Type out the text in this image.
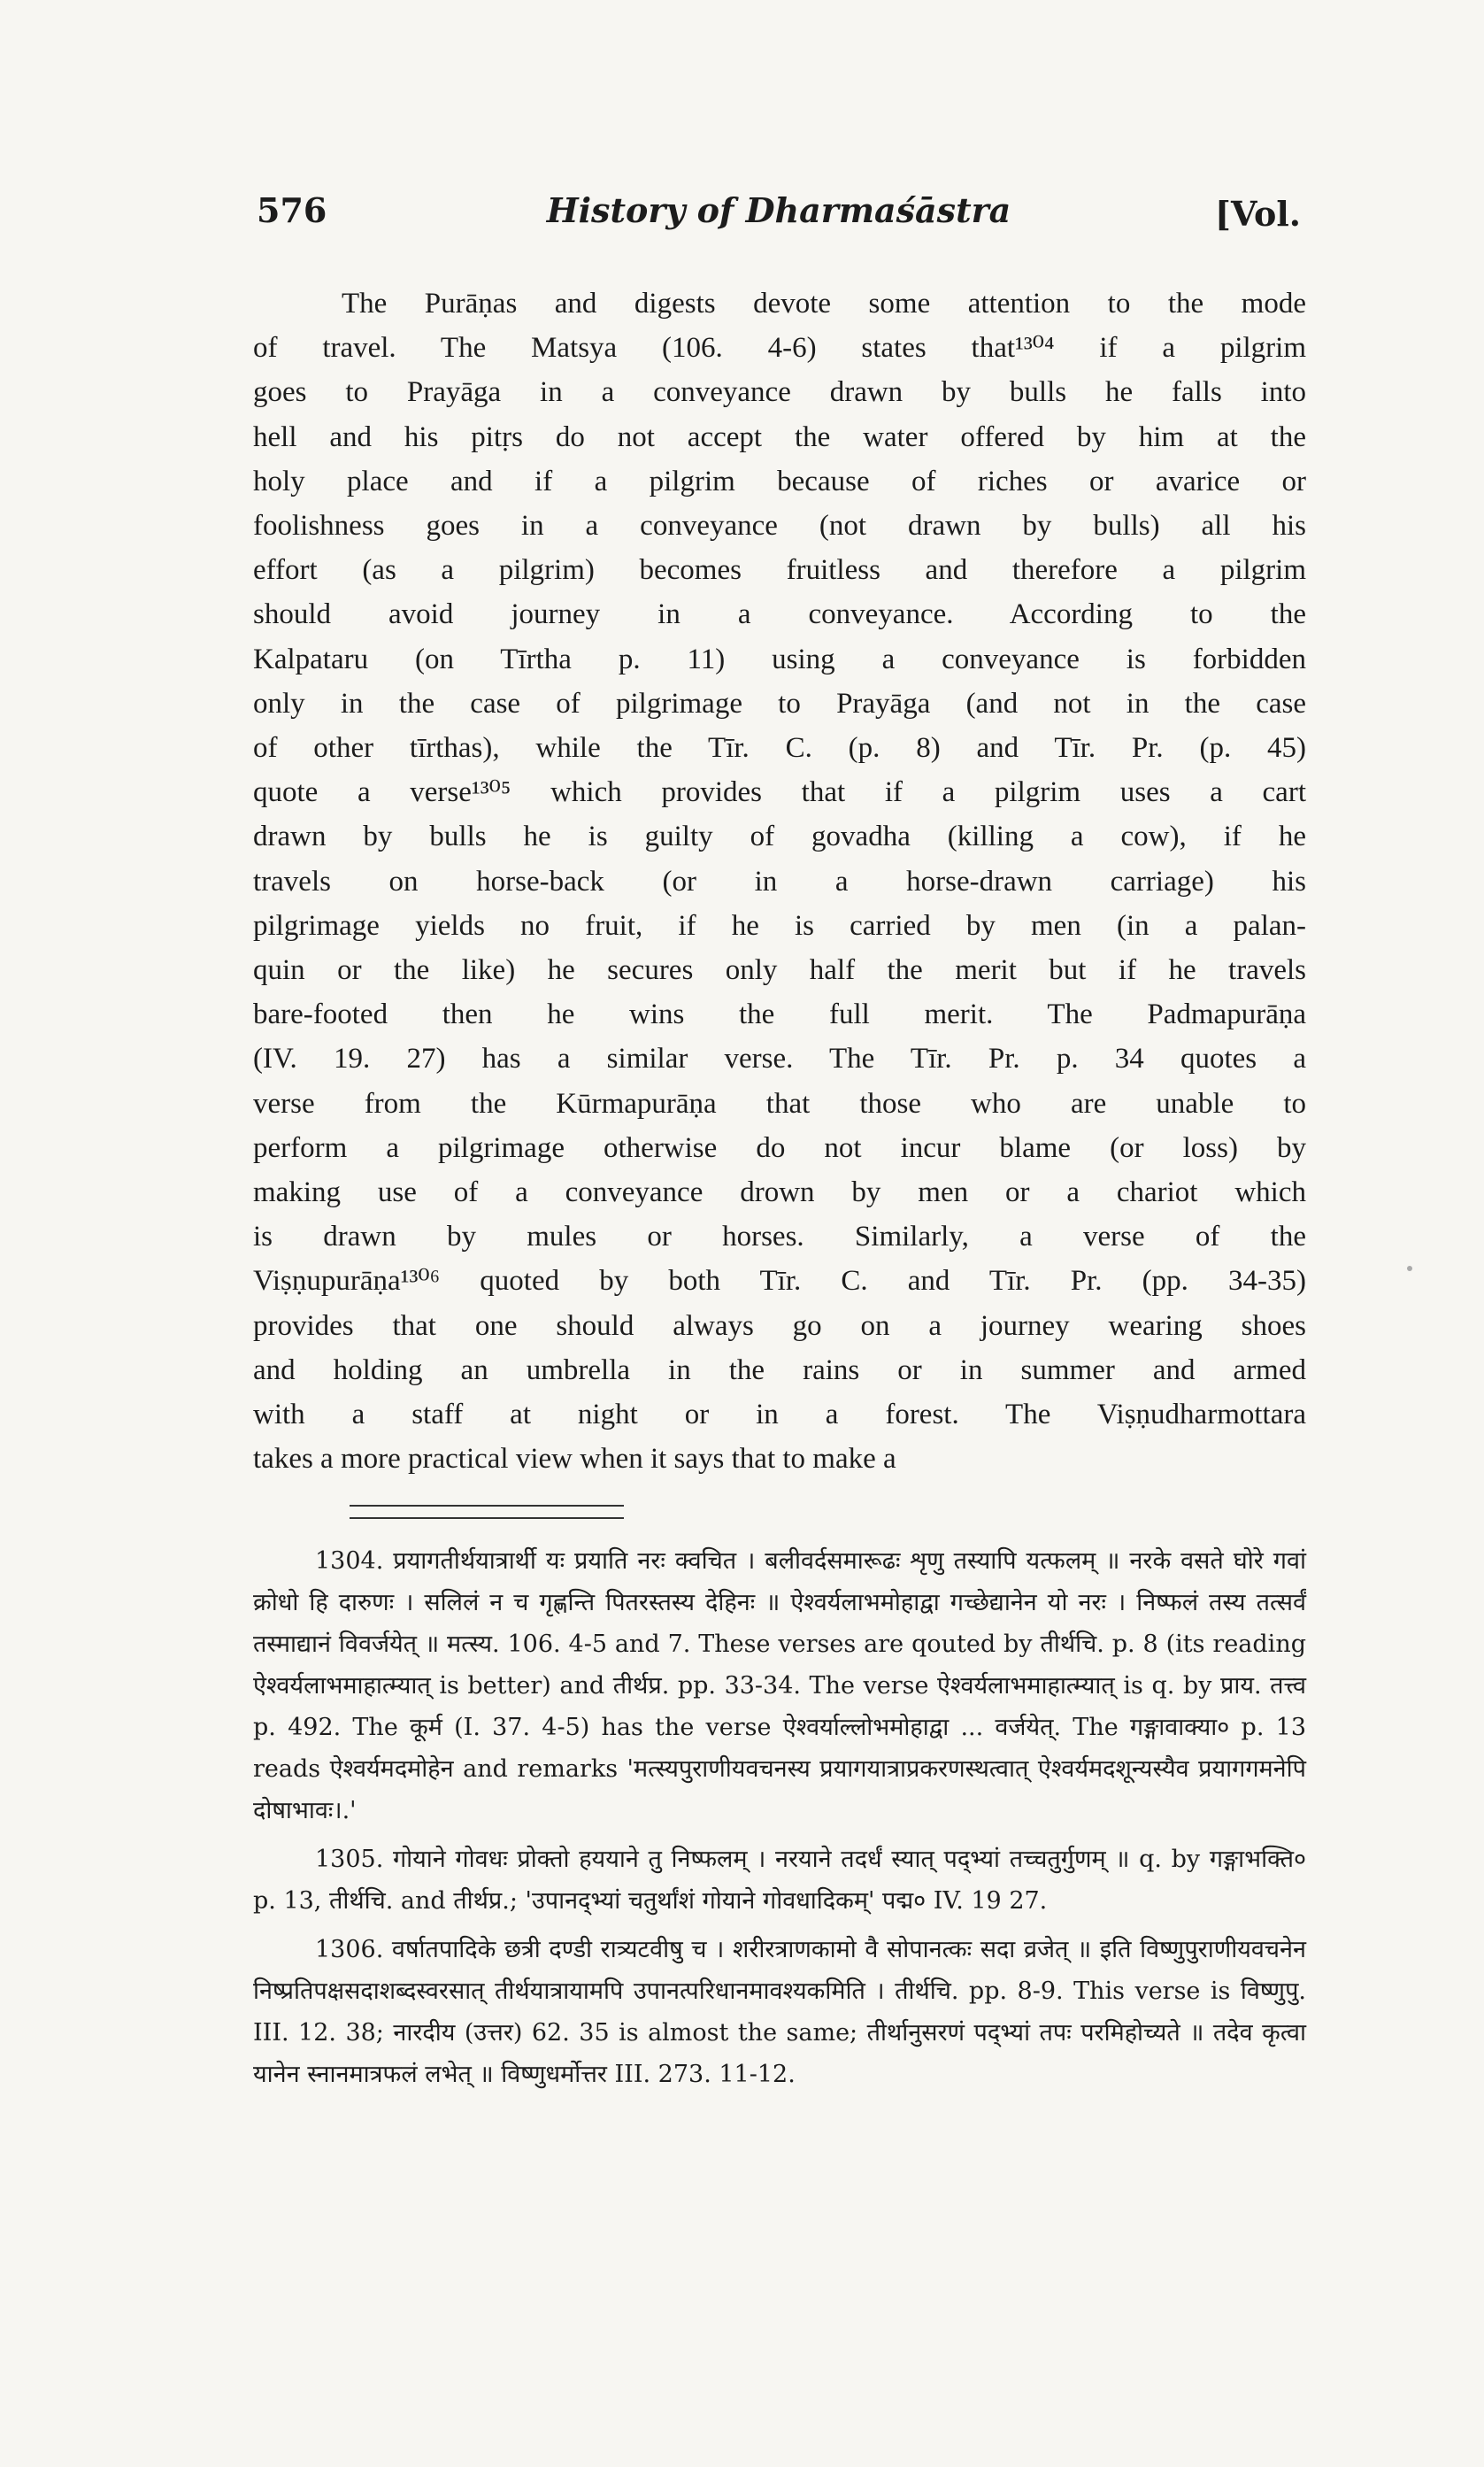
576	History of Dharmaśāstra	[Vol.
The Purāṇas and digests devote some attention to the mode
of travel. The Matsya (106. 4-6) states that¹³⁰⁴ if a pilgrim
goes to Prayāga in a conveyance drawn by bulls he falls into
hell and his pitṛs do not accept the water offered by him at the
holy place and if a pilgrim because of riches or avarice or
foolishness goes in a conveyance (not drawn by bulls) all his
effort (as a pilgrim) becomes fruitless and therefore a pilgrim
should avoid journey in a conveyance. According to the
Kalpataru (on Tīrtha p. 11) using a conveyance is forbidden
only in the case of pilgrimage to Prayāga (and not in the case
of other tīrthas), while the Tīr. C. (p. 8) and Tīr. Pr. (p. 45)
quote a verse¹³⁰⁵ which provides that if a pilgrim uses a cart
drawn by bulls he is guilty of govadha (killing a cow), if he
travels on horse-back (or in a horse-drawn carriage) his
pilgrimage yields no fruit, if he is carried by men (in a palan-
quin or the like) he secures only half the merit but if he travels
bare-footed then he wins the full merit. The Padmapurāṇa
(IV. 19. 27) has a similar verse. The Tīr. Pr. p. 34 quotes a
verse from the Kūrmapurāṇa that those who are unable to
perform a pilgrimage otherwise do not incur blame (or loss) by
making use of a conveyance drown by men or a chariot which
is drawn by mules or horses. Similarly, a verse of the
Viṣṇupurāṇa¹³⁰⁶ quoted by both Tīr. C. and Tīr. Pr. (pp. 34-35)
provides that one should always go on a journey wearing shoes
and holding an umbrella in the rains or in summer and armed
with a staff at night or in a forest. The Viṣṇudharmottara
takes a more practical view when it says that to make a

1304. प्रयागतीर्थयात्रार्थी यः प्रयाति नरः क्वचित । बलीवर्दसमारूढः शृणु तस्यापि यत्फलम् ॥ नरके वसते घोरे गवां क्रोधो हि दारुणः । सलिलं न च गृह्णन्ति पितरस्तस्य देहिनः ॥ ऐश्वर्यलाभमोहाद्वा गच्छेद्यानेन यो नरः । निष्फलं तस्य तत्सर्वं तस्माद्यानं विवर्जयेत् ॥ मत्स्य. 106. 4-5 and 7. These verses are qouted by तीर्थचि. p. 8 (its reading ऐश्वर्यलाभमाहात्म्यात् is better) and तीर्थप्र. pp. 33-34. The verse ऐश्वर्यलाभमाहात्म्यात् is q. by प्राय. तत्त्व p. 492. The कूर्म (I. 37. 4-5) has the verse ऐश्वर्याल्लोभमोहाद्वा ... वर्जयेत्. The गङ्गावाक्या० p. 13 reads ऐश्वर्यमदमोहेन and remarks 'मत्स्यपुराणीयवचनस्य प्रयागयात्राप्रकरणस्थत्वात् ऐश्वर्यमदशून्यस्यैव प्रयागगमनेपि दोषाभावः।.'

1305. गोयाने गोवधः प्रोक्तो हययाने तु निष्फलम् । नरयाने तदर्धं स्यात् पद्भ्यां तच्चतुर्गुणम् ॥ q. by गङ्गाभक्ति० p. 13, तीर्थचि. and तीर्थप्र.; 'उपानद्भ्यां चतुर्थांशं गोयाने गोवधादिकम्' पद्म० IV. 19 27.

1306. वर्षातपादिके छत्री दण्डी रात्र्यटवीषु च । शरीरत्राणकामो वै सोपानत्कः सदा व्रजेत् ॥ इति विष्णुपुराणीयवचनेन निष्प्रतिपक्षसदाशब्दस्वरसात् तीर्थयात्रायामपि उपानत्परिधानमावश्यकमिति । तीर्थचि. pp. 8-9. This verse is विष्णुपु. III. 12. 38; नारदीय (उत्तर) 62. 35 is almost the same; तीर्थानुसरणं पद्भ्यां तपः परमिहोच्यते ॥ तदेव कृत्वा यानेन स्नानमात्रफलं लभेत् ॥ विष्णुधर्मोत्तर III. 273. 11-12.
